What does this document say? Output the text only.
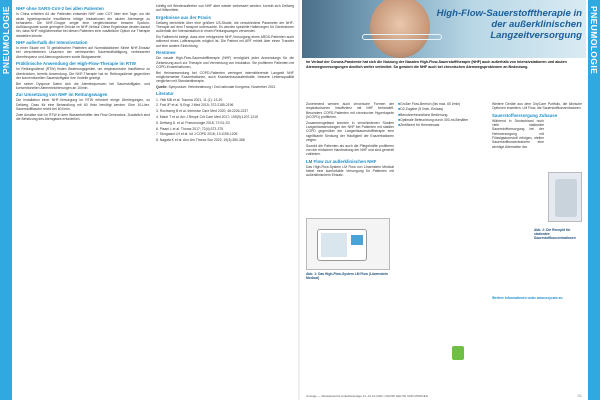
PNEUMOLOGIE	PNEUMOLOGIE
NHF ohne SARS-CoV-2 bei allen Patienten

In China erhielten 64 der Patienten entweder NHF oder COT über drei Tage, um die akute hyperkapnische Insuffizienz infolge Intubationen der akuten Atemwege zu behandeln. Die NHF-Gruppe zeigte eine vergleichsweise bessere Sputum-Auflösungsrate sowie geringere Drücke im NHF-Verlauf. Diese Ergebnisse deuten darauf hin, dass NHF möglicherweise bei diesen Patienten eine zusätzliche Option zur Therapie darstellen könnte.

NHF außerhalb der Intensivstation

In einer Studie mit 70 geriatrischen Patienten auf Normalstationen führte NHF-Einsatz bei verschiedenen Ursachen der verbesserten Sauerstoffsättigung, verbesserter Atemfrequenz und Atemzugvolumen sowie Blutgaswerte.

Präklinische Anwendung der High-Flow-Therapie im RTW

Im Rettungsdienst (RTW) finden Beatmungsgeräte, um respiratorische Insuffizienz zu überbrücken, bereits Anwendung. Die NHF-Therapie hat im Rettungsdienst gegenüber der konventionellen Sauerstoffgabe ihre Vorteile gezeigt.

Bei seiner Dyspnoe Daten sich die Atemfrequenzen bei Sauerstoffgabe- und konventionellen Atemerleichterungen an 10/min.

Zur Umsetzung von NHF im Rettungswagen

Die Installation einer NHF-Versorgung im RTW erfordert einige Überlegungen, so Dellweg. Dazu für eine Behandlung mit 60 l/min benötigt werden. Eine 10-Liter-Sauerstoffflasche reicht bei 60 l/min.

Zwei Ansätze sich im RTW in dem Wasserbehälter des Flow-Generators. Zusätzlich sind die Beheizung des Atemgases erforderlich.

künftig mit Wiederauftreten von NHF aber wieder verbessert werden, korrekt sich Dellweg auf Hilfsmitteln.

Ergebnisse aus der Praxis

Dellweg berichtete über eine größere US-Studie, die verschiedene Parameter der NHF-Therapie auf dem Transport untersuchte. Es wurden spezielle Halterungen für Generatoren außerhalb der Intensivstation in einem Rettungswagen verwendet.

Ein Fallbericht belegt, dass eine erfolgreiche NHF-Versorgung eines ARDS-Patienten auch während eines Lufttransports möglich ist. Die Patient mit ARF erhielt über einen Transfer auf eine andere Einrichtung.

Resümee

Die nasale High-Flow-Sauerstofftherapie (NHF) ermöglicht jeder Anwendungs für die Zielsetzung auch zur Therapie und Vermeidung von Intubation. Sie profitieren Patienten mit COPD-Exazerbationen.

Bei Heimanwendung bei COPD-Patienten verringert intermittierende Langzeit NHF möglicherweise Exazerbationen, auch Krankenhausaufenthalte, bessere Lebensqualität verglichen mit Standardtherapie.

Quelle: Symposium: Heimbeatmung / 2nd nationale Kongress, November 2021

Literatur

1. Yildi MB et al. Trauma 2021, 11 (1): 13-20

2. Frat JP et al. N Engl J Med 2015; 372:2185-2196

3. Rochwerg B et al. Intensive Care Med 2020; 46:2226-2237

4. Mauri T et al. Am J Respir Crit Care Med 2017; 195(9):1207-1215

5. Dellweg D. et al. Pneumologie 2018; 72:S1-S3

6. Pisani L et al. Thorax 2017; 72(4):373-375

7. Storgaard LH et al. Int J COPD 2018; 13:1195-1205

8. Nagata K et al. Ann Am Thorac Soc 2022; 19(3):380-388

High-Flow-Sauerstofftherapie in der außerklinischen Langzeitversorgung
Im Verlauf der Corona-Pandemie hat sich die Nutzung der Nasalen High-Flow-Sauerstofftherapie (NHF) auch außerhalb von Intensivstationen und akuten Atemwegsversorgungen deutlich weiter verbreitet. So gewinnt die NHF auch bei chronischen Atemwegsproblemen an Bedeutung.

Zunehmend werden auch chronische Formen der respiratorischen Insuffizienz mit NHF behandelt. Besonders COPD-Patienten mit chronischer Hyperkapnie (hCOPD) profitieren.

Zusammengefasst konnten in verschiedenen Studien Langzeitanwendungen der NHF bei Patienten mit stabiler COPD gegenüber der Langzeitsauerstofftherapie eine signifikante Senkung der Häufigkeit der Exazerbationen zeigen.

Sowohl die Patienten als auch die Pflegekräfte profitieren von der einfachen Handhabung der NHF und sind generell zufrieden.

LM Flow zur außerklinischen NHF

Das High-Flow-System LM Flow von Löwenstein Medical bietet eine komfortable Versorgung für Patienten mit außerklinischem Einsatz.

Abb. 1: Das High-Flow-System LM Flow (Löwenstein Medical)
■ Großer Flow-Bereich (bis max. 60 l/min)
■ O2-Zugabe (5 l/min, Einlass)
■ Benutzerfreundliche Bedienung
■ Optimale Befeuchtung durch 300-ml-Behälter
■ Zertifiziert für Heimeinsatz

Weitere Geräte aus dem OxyCare Portfolio, die klinische Optionen erweitern, LM Flow, die Sauerstoffkonzentratoren.

Sauerstoffversorgung Zuhause

Während in Deutschland noch viele stationäre Sauerstoffversorgung bei der Heimversorgung mit Flüssigsauerstoff erfolgen, stellen Sauerstoffkonzentratoren eine wichtige Alternative dar.

Abb. 2: Die Reneplit für stationäre Sauerstoffkonzentrationen
Weitere Informationen unter www.oxycare.eu
Anzeige — Westdeutsche Anästhesietage 31.-21.10.2022 | ANASP HEUTE UND MORGEN	51
